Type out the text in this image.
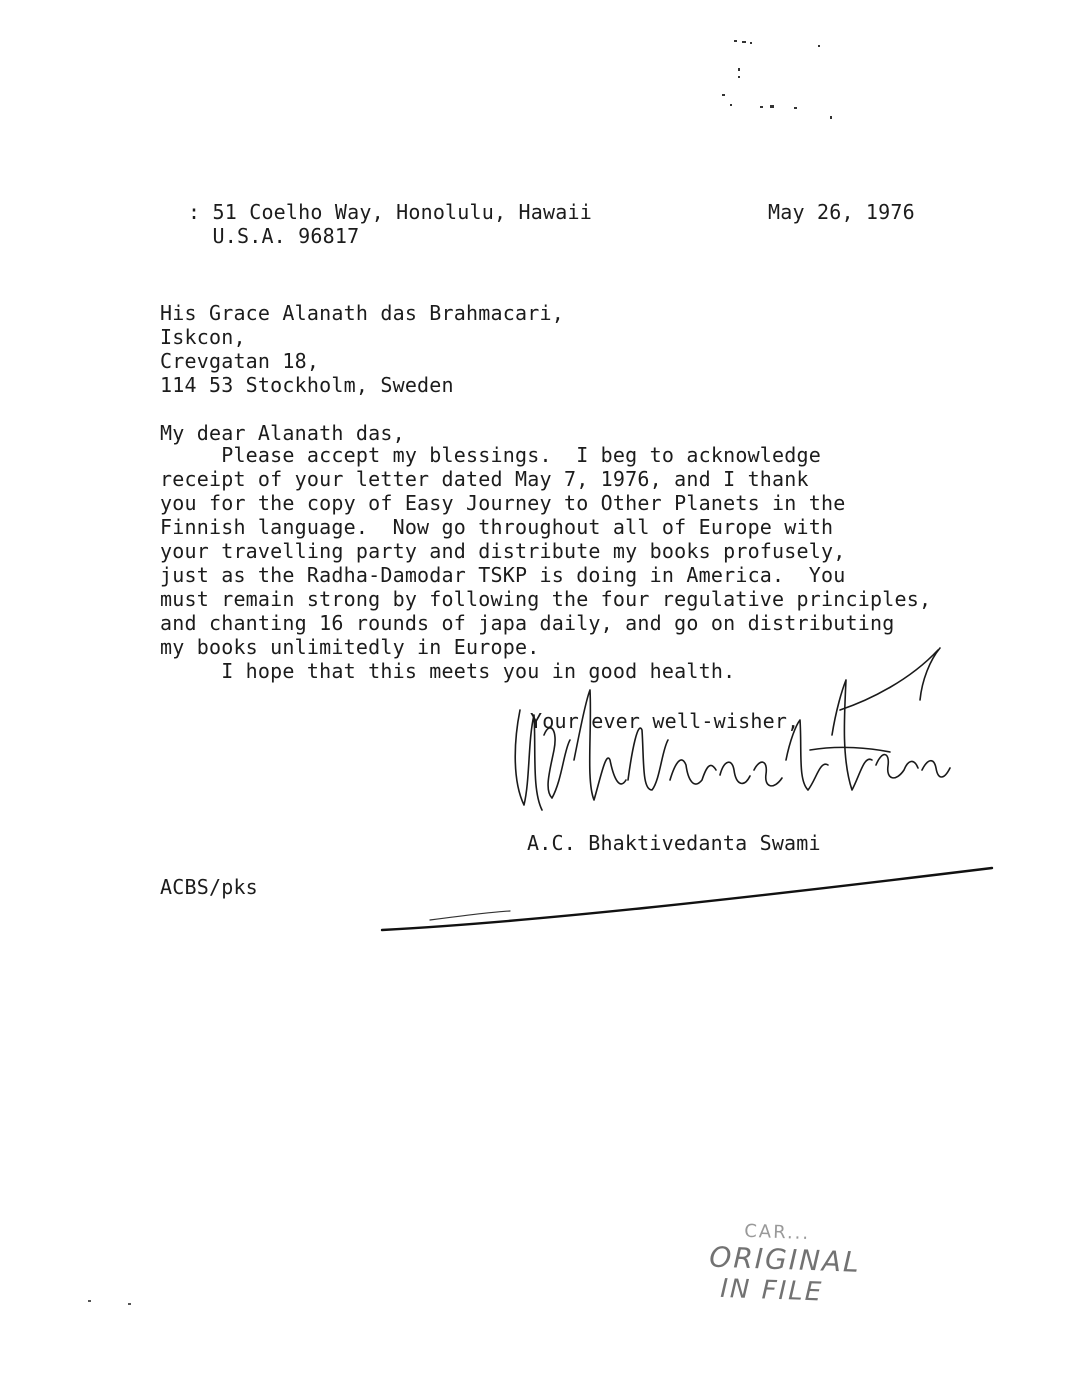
: 51 Coelho Way, Honolulu, Hawaii
U.S.A. 96817
May 26, 1976
His Grace Alanath das Brahmacari,
Iskcon,
Crevgatan 18,
114 53 Stockholm, Sweden
My dear Alanath das,
Please accept my blessings.  I beg to acknowledge
receipt of your letter dated May 7, 1976, and I thank
you for the copy of Easy Journey to Other Planets in the
Finnish language.  Now go throughout all of Europe with
your travelling party and distribute my books profusely,
just as the Radha-Damodar TSKP is doing in America.  You
must remain strong by following the four regulative principles,
and chanting 16 rounds of japa daily, and go on distributing
my books unlimitedly in Europe.
I hope that this meets you in good health.
Your ever well-wisher,
A.C. Bhaktivedanta Swami
ACBS/pks
CAR...
ORIGINAL
IN FILE
